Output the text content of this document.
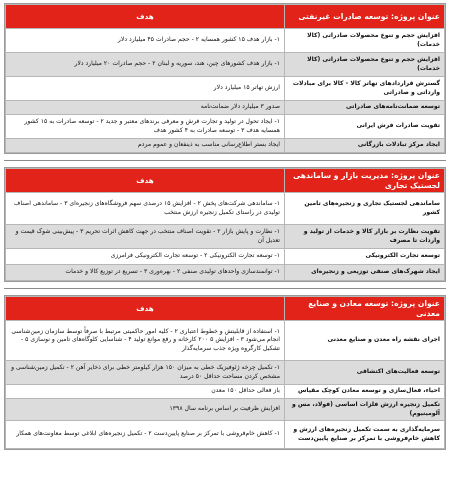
عنوان پروژه: توسعه صادرات غیرنفتی	هدف
افزایش حجم و تنوع محصولات صادراتی (کالا خدمات)	۱- بازار هدف ۱۵ کشور همسایه ۲ - حجم صادرات ۴۵ میلیارد دلار
افزایش حجم و تنوع محصولات صادراتی (کالا خدمات)	۱- بازار هدف کشورهای چین، هند، سوریه و لبنان ۲ - حجم صادرات ۲۰ میلیارد دلار
گسترش قراردادهای تهاتر کالا - کالا برای مبادلات وارداتی و صادراتی	ارزش تهاتر ۱۵ میلیارد دلار
توسعه ضمانت‌نامه‌های صادراتی	صدور ۳ میلیارد دلار ضمانت‌نامه
تقویت صادرات فرش ایرانی	۱- ایجاد تحول در تولید و تجارت فرش و معرفی برندهای معتبر و جدید ۲ - توسعه صادرات به ۱۵ کشور همسایه هدف ۳ - توسعه صادرات به ۴ کشور هدف
ایجاد مرکز تبادلات بازرگانی	ایجاد بستر اطلاع‌رسانی مناسب به ذینفعان و عموم مردم
عنوان پروژه: مدیریت بازار و ساماندهی لجستیک تجاری	هدف
ساماندهی لجستیک تجاری و زنجیره‌های تامین کشور	۱- ساماندهی شرکت‌های پخش ۲ - افزایش ۱۵ درصدی سهم فروشگاه‌های زنجیره‌ای ۳ - ساماندهی اصناف تولیدی در راستای تکمیل زنجیره ارزش منتخب
تقویت نظارت بر بازار کالا و خدمات از تولید و واردات تا مصرف	۱- نظارت و پایش بازار ۲ - تقویت اصناف منتخب در جهت کاهش اثرات تحریم ۳ - پیش‌بینی شوک قیمت و تعدیل آن
توسعه تجارت الکترونیکی	۱- توسعه تجارت الکترونیکی ۲ - توسعه تجارت الکترونیکی فرامرزی
ایجاد شهرک‌های صنفی توزیعی و زنجیره‌ای	۱- توانمندسازی واحدهای تولیدی صنفی ۲ - بهره‌وری ۳ - تسریع در توزیع کالا و خدمات
عنوان پروژه: توسعه معادن و صنایع معدنی	هدف
اجرای نقشه راه معدن و صنایع معدنی	۱- استفاده از قابلیتش و خطوط اعتباری ۲ - کلیه امور حاکمیتی مرتبط با صرفاً توسط سازمان زمین‌شناسی انجام می‌شود ۳ - افزایش ۵ ۲۰۰ کارخانه و رفع موانع تولید ۴ - شناسایی کلوگاه‌های تامین و نوسازی ۵ - تشکیل کارگروه ویژه جذب سرمایه‌گذار
توسعه فعالیت‌های اکتشافی	۱- تکمیل چرخه ژئوفیزیک خطی به میزان ۱۵۰ هزار کیلومتر خطی برای ذخایر آهن ۲ - تکمیل زمین‌شناسی و مشخص کردن مساحت حداقل ۵۰ درصد
احیاء، فعال‌سازی و توسعه معادن کوچک مقیاس	باز فعالی حداقل ۱۵۰ معدن
تکمیل زنجیره ارزش فلزات اساسی (فولاد، مس و آلومینیوم)	افزایش ظرفیت بر اساس برنامه سال ۱۳۹۸
سرمایه‌گذاری به سمت تکمیل زنجیره‌های ارزش و کاهش خام‌فروشی با تمرکز بر صنایع پایین‌دست	۱- کاهش خام‌فروشی با تمرکز بر صنایع پایین‌دست ۲ - تکمیل زنجیره‌های ابلاغی توسط معاونت‌های همکار
